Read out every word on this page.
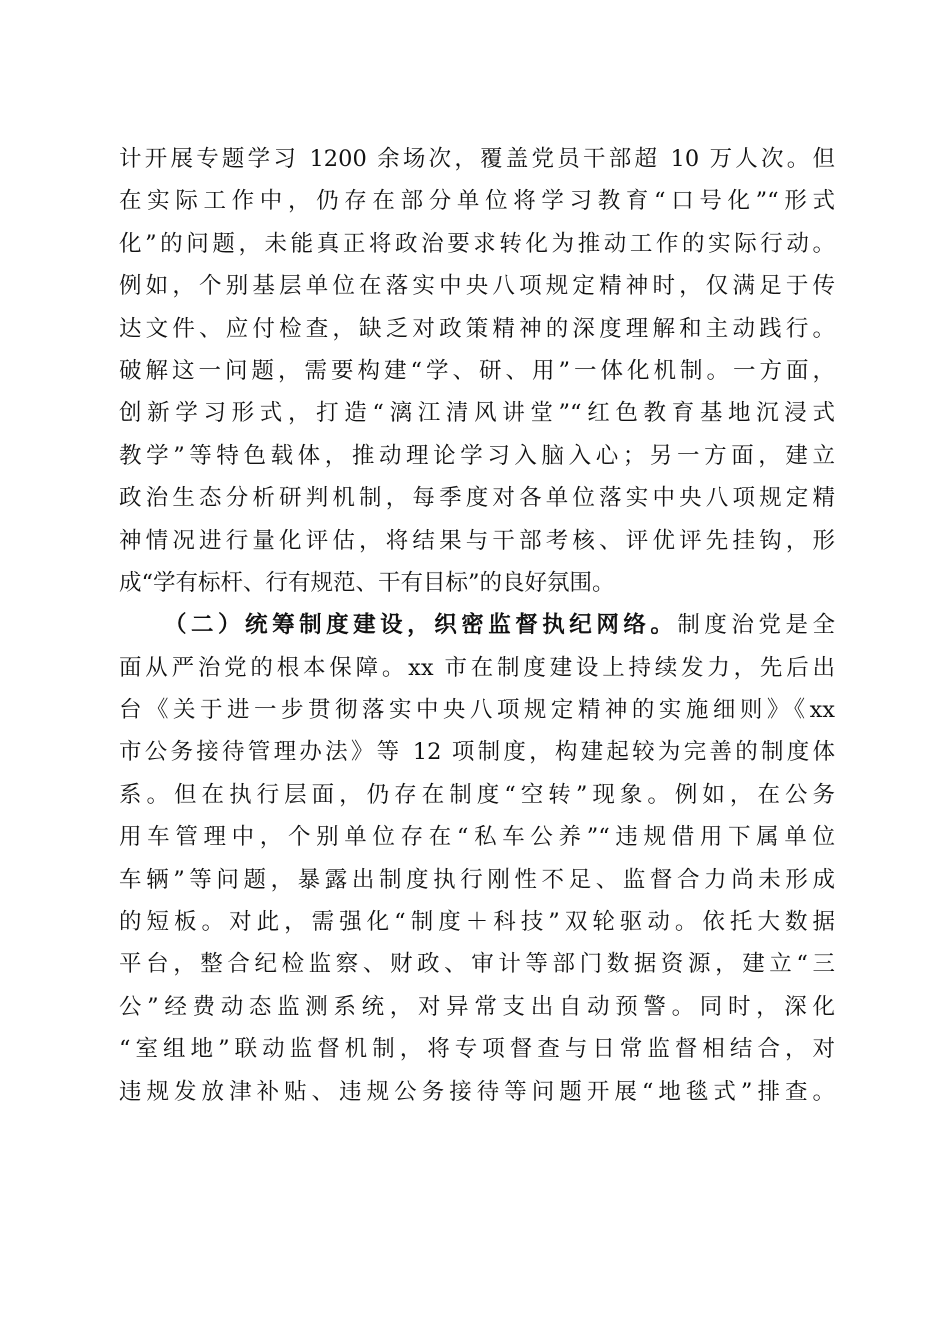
计开展专题学习 1200 余场次，覆盖党员干部超 10 万人次。但
在实际工作中，仍存在部分单位将学习教育“口号化”“形式
化”的问题，未能真正将政治要求转化为推动工作的实际行动。
例如，个别基层单位在落实中央八项规定精神时，仅满足于传
达文件、应付检查，缺乏对政策精神的深度理解和主动践行。
破解这一问题，需要构建“学、研、用”一体化机制。一方面，
创新学习形式，打造“漓江清风讲堂”“红色教育基地沉浸式
教学”等特色载体，推动理论学习入脑入心；另一方面，建立
政治生态分析研判机制，每季度对各单位落实中央八项规定精
神情况进行量化评估，将结果与干部考核、评优评先挂钩，形
成“学有标杆、行有规范、干有目标”的良好氛围。
（二）统筹制度建设，织密监督执纪网络。制度治党是全
面从严治党的根本保障。xx 市在制度建设上持续发力，先后出
台《关于进一步贯彻落实中央八项规定精神的实施细则》《xx
市公务接待管理办法》等 12 项制度，构建起较为完善的制度体
系。但在执行层面，仍存在制度“空转”现象。例如，在公务
用车管理中，个别单位存在“私车公养”“违规借用下属单位
车辆”等问题，暴露出制度执行刚性不足、监督合力尚未形成
的短板。对此，需强化“制度＋科技”双轮驱动。依托大数据
平台，整合纪检监察、财政、审计等部门数据资源，建立“三
公”经费动态监测系统，对异常支出自动预警。同时，深化
“室组地”联动监督机制，将专项督查与日常监督相结合，对
违规发放津补贴、违规公务接待等问题开展“地毯式”排查。
